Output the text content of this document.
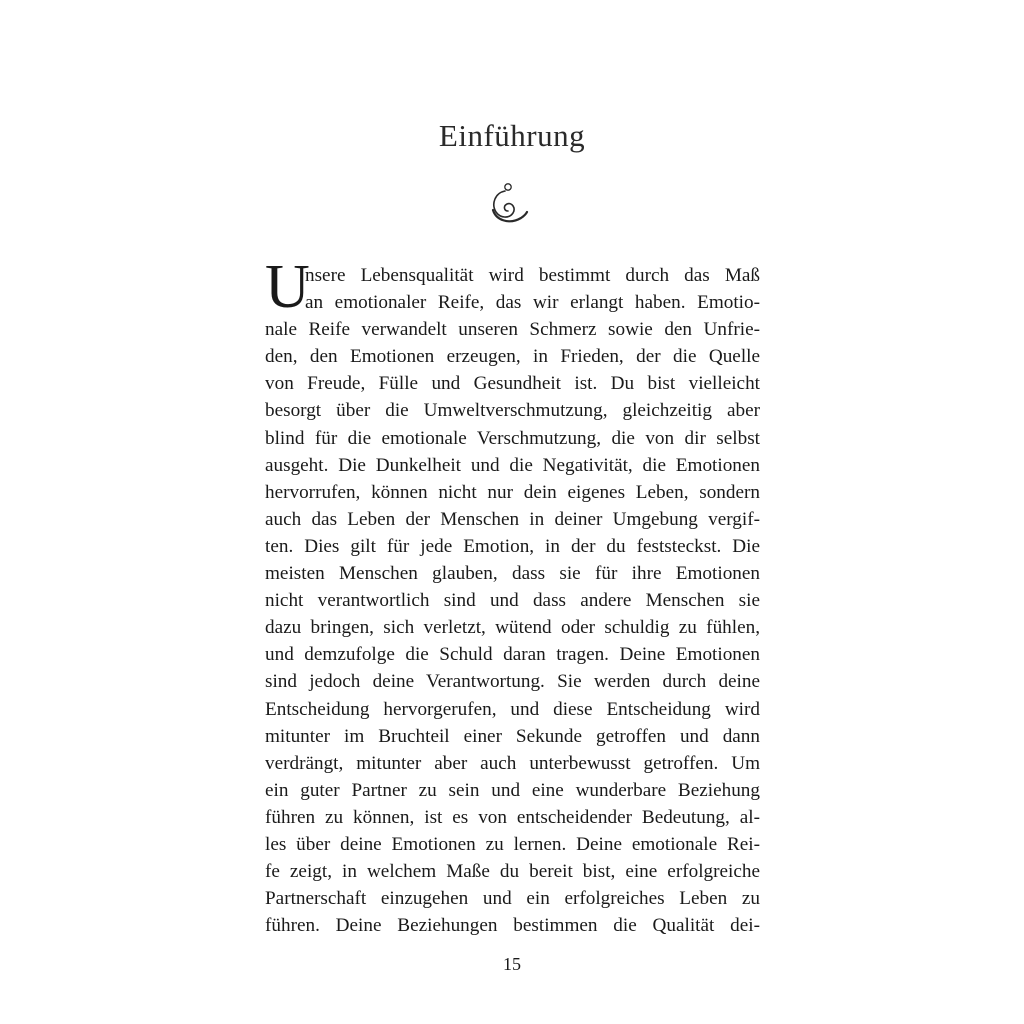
Einführung
U
nsere Lebensqualität wird bestimmt durch das Maß
an emotionaler Reife, das wir erlangt haben. Emotio-
nale Reife verwandelt unseren Schmerz sowie den Unfrie-
den, den Emotionen erzeugen, in Frieden, der die Quelle
von Freude, Fülle und Gesundheit ist. Du bist vielleicht
besorgt über die Umweltverschmutzung, gleichzeitig aber
blind für die emotionale Verschmutzung, die von dir selbst
ausgeht. Die Dunkelheit und die Negativität, die Emotionen
hervorrufen, können nicht nur dein eigenes Leben, sondern
auch das Leben der Menschen in deiner Umgebung vergif-
ten. Dies gilt für jede Emotion, in der du feststeckst. Die
meisten Menschen glauben, dass sie für ihre Emotionen
nicht verantwortlich sind und dass andere Menschen sie
dazu bringen, sich verletzt, wütend oder schuldig zu fühlen,
und demzufolge die Schuld daran tragen. Deine Emotionen
sind jedoch deine Verantwortung. Sie werden durch deine
Entscheidung hervorgerufen, und diese Entscheidung wird
mitunter im Bruchteil einer Sekunde getroffen und dann
verdrängt, mitunter aber auch unterbewusst getroffen. Um
ein guter Partner zu sein und eine wunderbare Beziehung
führen zu können, ist es von entscheidender Bedeutung, al-
les über deine Emotionen zu lernen. Deine emotionale Rei-
fe zeigt, in welchem Maße du bereit bist, eine erfolgreiche
Partnerschaft einzugehen und ein erfolgreiches Leben zu
führen. Deine Beziehungen bestimmen die Qualität dei-
15
